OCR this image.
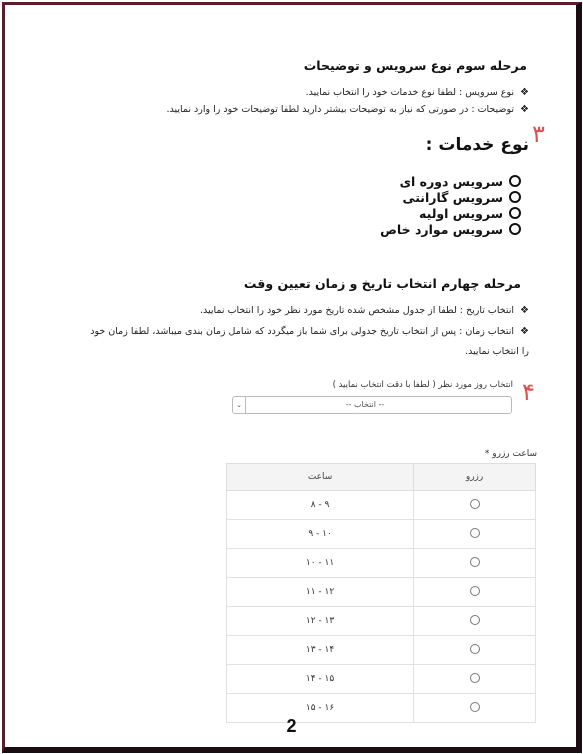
مرحله سوم نوع سرویس و توضیحات
❖نوع سرویس : لطفا نوع خدمات خود را انتخاب نمایید.
❖توضیحات : در صورتی که نیاز به توضیحات بیشتر دارید لطفا توضیحات خود را وارد نمایید.
٣
نوع خدمات :
سرویس دوره ای
سرویس گارانتی
سرویس اولیه
سرویس موارد خاص
مرحله چهارم انتخاب تاریخ و زمان تعیین وقت
❖انتخاب تاریخ : لطفا از جدول مشخص شده تاریخ مورد نظر خود را انتخاب نمایید.
❖انتخاب زمان : پس از انتخاب تاریخ جدولی برای شما باز میگردد که شامل زمان بندی میباشد، لطفا زمان خود را انتخاب نمایید.
۴
انتخاب روز مورد نظر ( لطفا با دقت انتخاب نمایید )
⌄	-- انتخاب --
ساعت رزرو *
ساعت	رزرو
۸ - ۹	
۹ - ۱۰	
۱۰ - ۱۱	
۱۱ - ۱۲	
۱۲ - ۱۳	
۱۳ - ۱۴	
۱۴ - ۱۵	
۱۵ - ۱۶	
2
